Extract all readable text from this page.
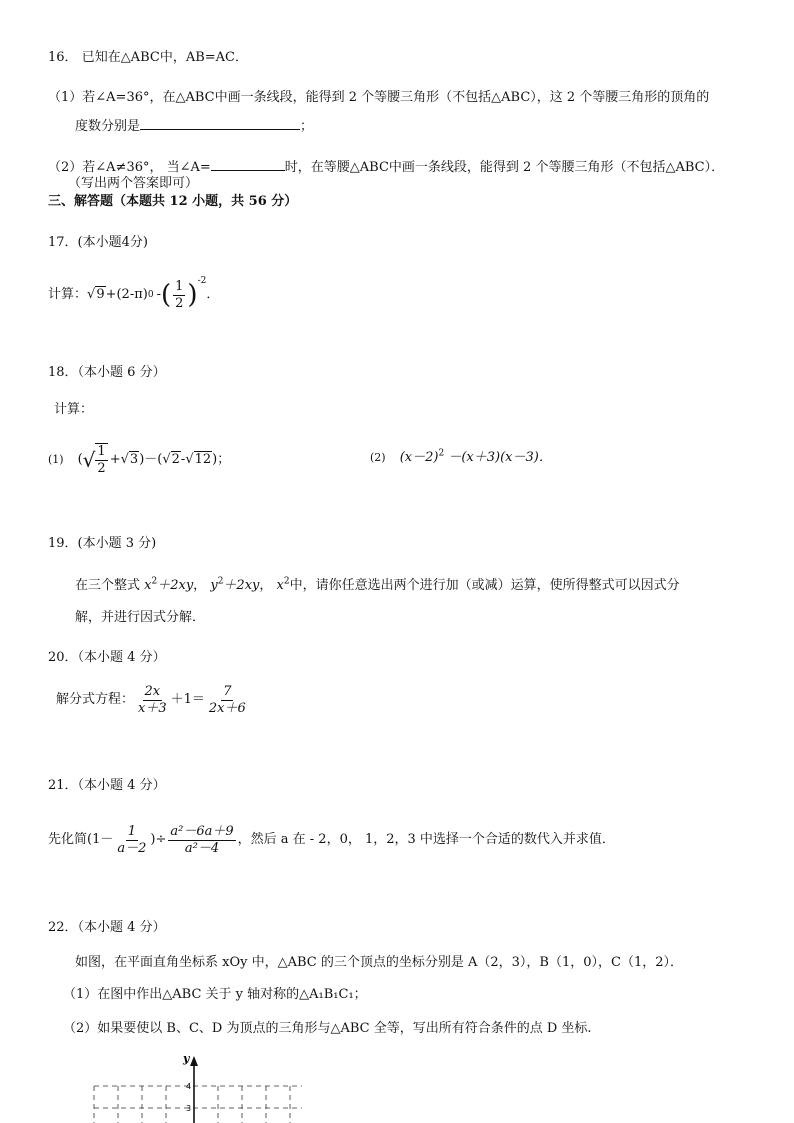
16． 已知在△ABC中，AB=AC．
（1）若∠A=36°，在△ABC中画一条线段，能得到 2 个等腰三角形（不包括△ABC），这 2 个等腰三角形的顶角的
度数分别是	；
（2）若∠A≠36°， 当∠A=	时，在等腰△ABC中画一条线段，能得到 2 个等腰三角形（不包括△ABC）．
（写出两个答案即可）
三、解答题（本题共 12 小题，共 56 分）
17．(本小题4分)
计算： √9 +(2-π) 0 - ( $\frac{1}{2}$ ) -2
．
18．（本小题 6 分）
计算：
(1) ( √ $\frac{1}{2} + √3$ )－( √2 - √12 )；	(2) $(x-2)^2 -(x+3)(x-3)$．
19．(本小题 3 分)
在三个整式 $x^2+2xy$， $y^2+2xy$， $x^2$中，请你任意选出两个进行加（或减）运算，使所得整式可以因式分
解，并进行因式分解．
20．（本小题 4 分）
解分式方程： $\frac{2x}{x+3} +1= \frac{7}{2x+6}$
21．（本小题 4 分）
先化简 ($1- \frac{1}{a-2}$ )÷ $\frac{\text{a²－6a＋9}}{\text{a²－4}}$ ，然后 a 在 - 2，0， 1，2，3 中选择一个合适的数代入并求值．
22．（本小题 4 分）
如图，在平面直角坐标系 xOy 中，△ABC 的三个顶点的坐标分别是 A（2，3），B（1，0），C（1，2）．
（1）在图中作出△ABC 关于 y 轴对称的△A₁B₁C₁；
（2）如果要使以 B、C、D 为顶点的三角形与△ABC 全等，写出所有符合条件的点 D 坐标.
y
4
3
